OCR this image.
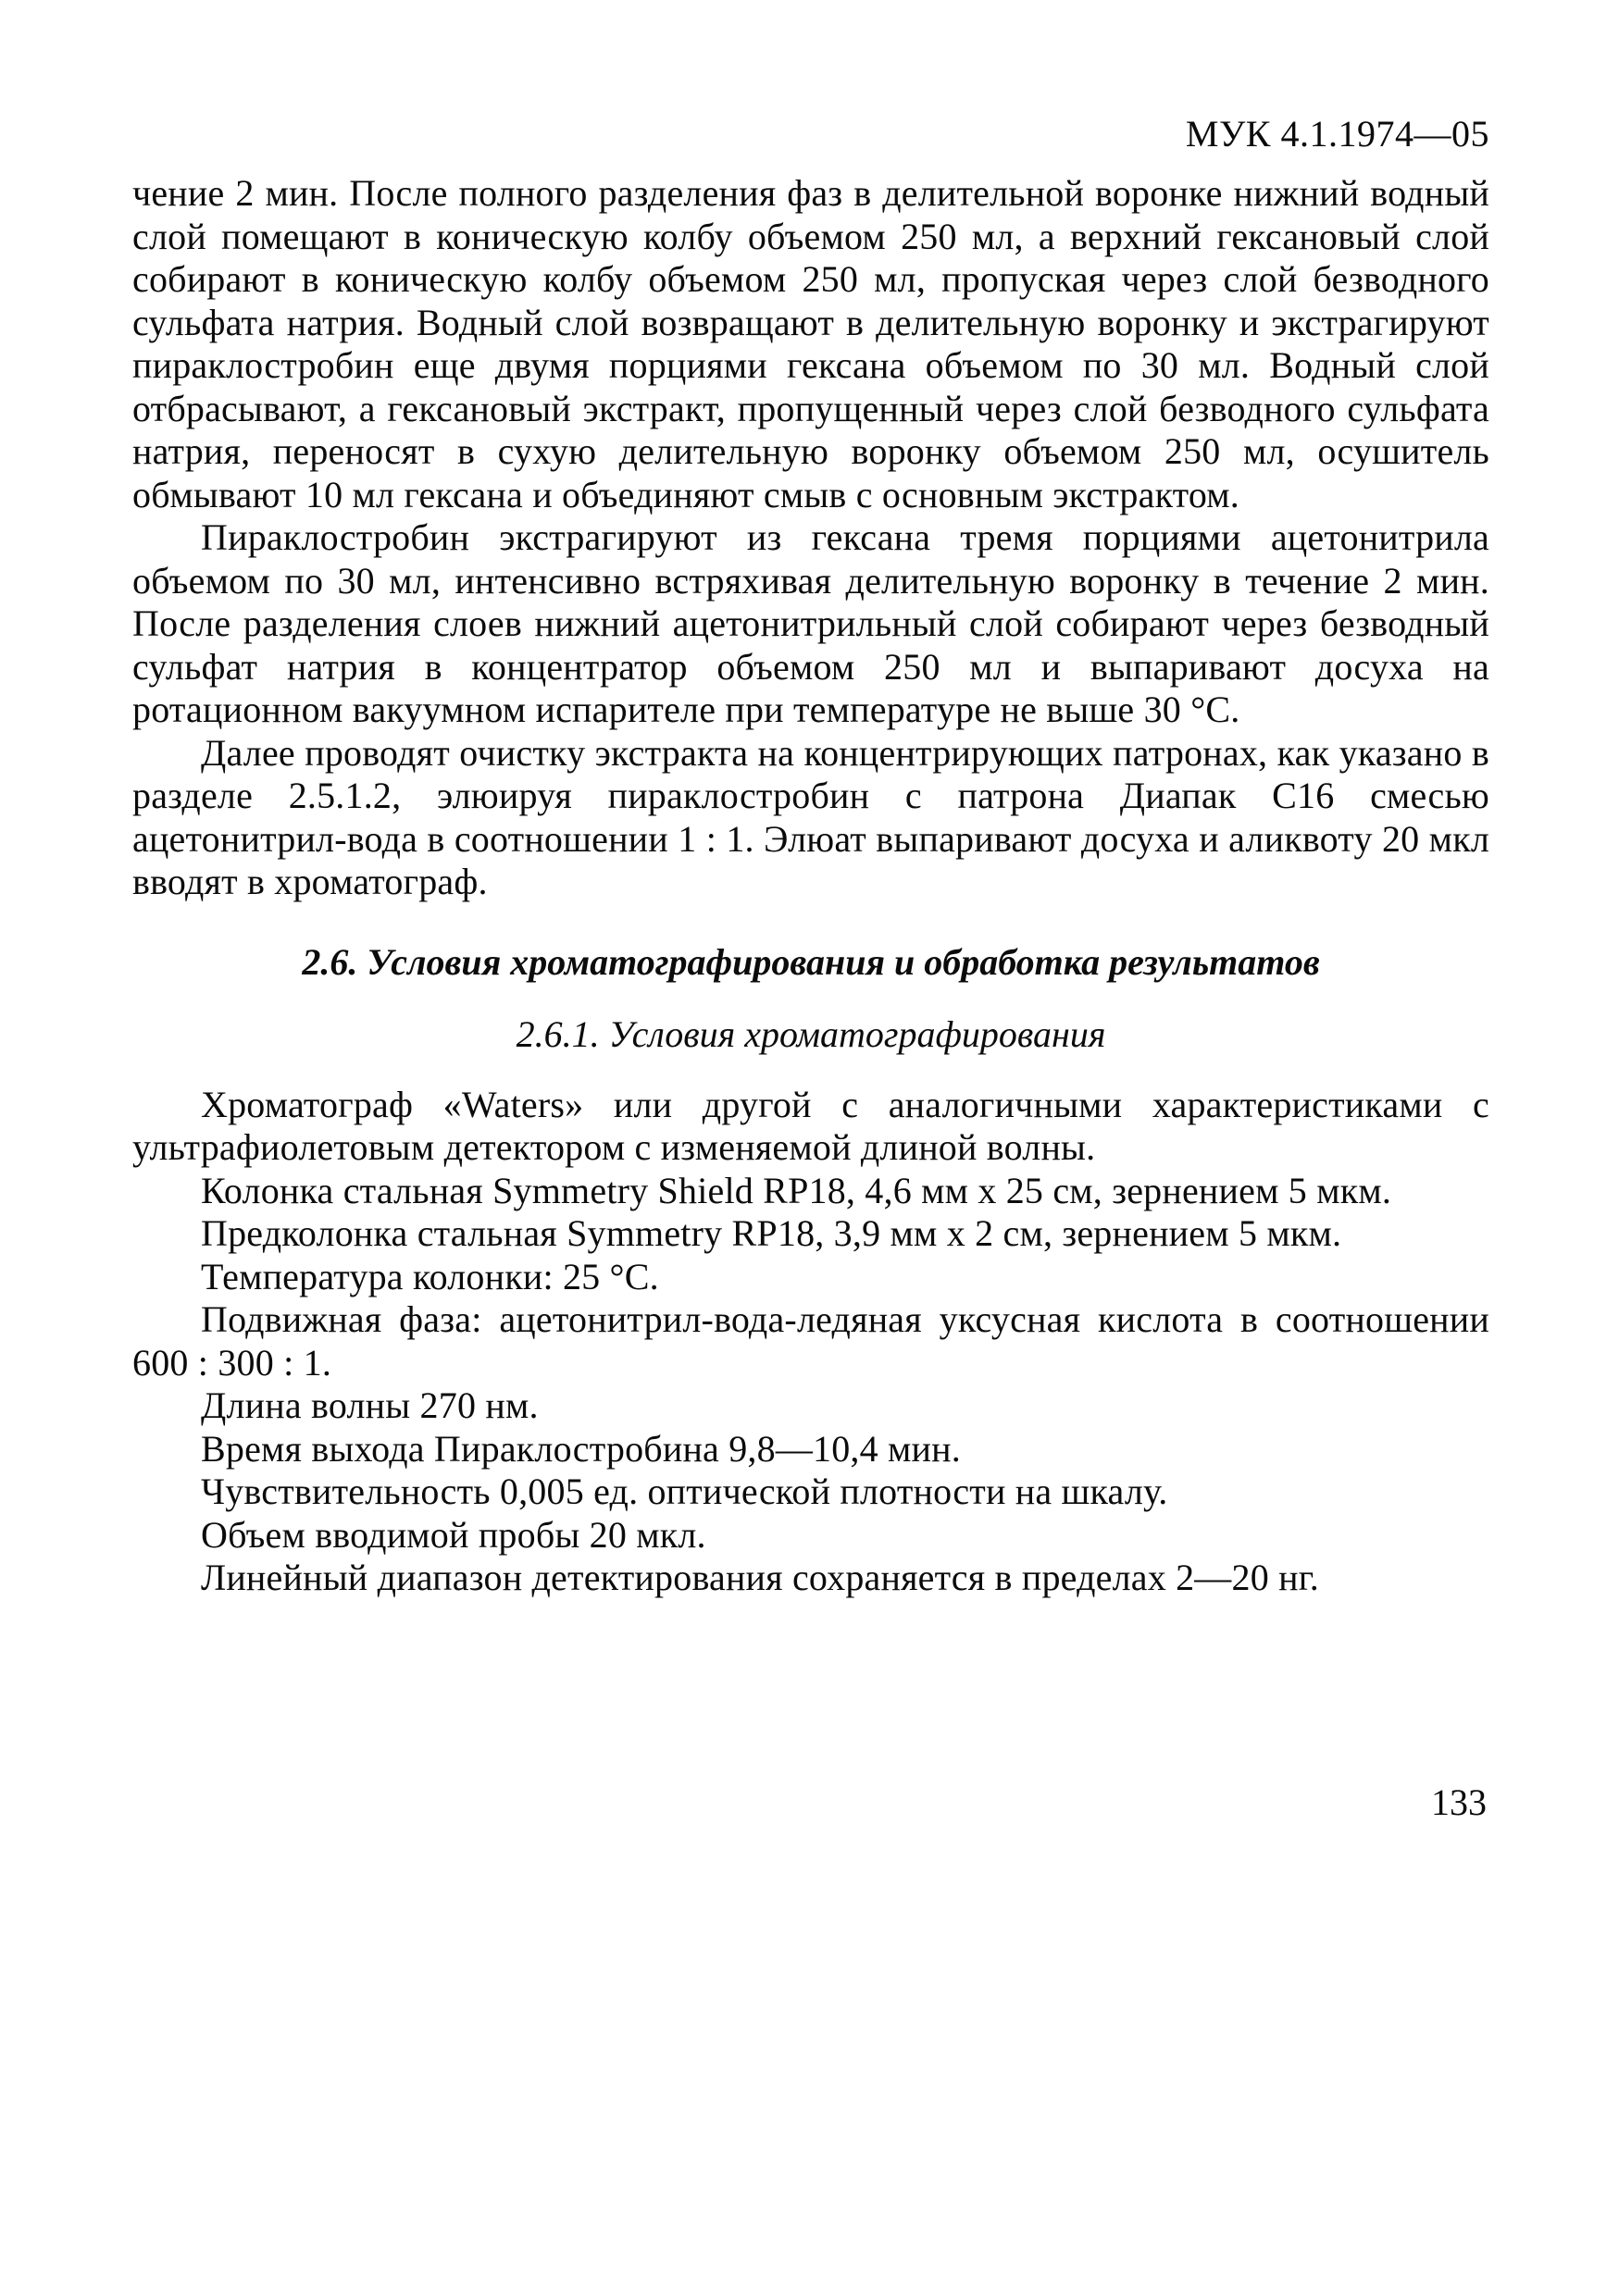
МУК 4.1.1974—05

чение 2 мин. После полного разделения фаз в делительной воронке нижний водный слой помещают в коническую колбу объемом 250 мл, а верхний гексановый слой собирают в коническую колбу объемом 250 мл, пропуская через слой безводного сульфата натрия. Водный слой возвращают в делительную воронку и экстрагируют пираклостробин еще двумя порциями гексана объемом по 30 мл. Водный слой отбрасывают, а гексановый экстракт, пропущенный через слой безводного сульфата натрия, переносят в сухую делительную воронку объемом 250 мл, осушитель обмывают 10 мл гексана и объединяют смыв с основным экстрактом.

Пираклостробин экстрагируют из гексана тремя порциями ацетонитрила объемом по 30 мл, интенсивно встряхивая делительную воронку в течение 2 мин. После разделения слоев нижний ацетонитрильный слой собирают через безводный сульфат натрия в концентратор объемом 250 мл и выпаривают досуха на ротационном вакуумном испарителе при температуре не выше 30 °С.

Далее проводят очистку экстракта на концентрирующих патронах, как указано в разделе 2.5.1.2, элюируя пираклостробин с патрона Диапак С16 смесью ацетонитрил-вода в соотношении 1 : 1. Элюат выпаривают досуха и аликвоту 20 мкл вводят в хроматограф.

2.6. Условия хроматографирования и обработка результатов
2.6.1. Условия хроматографирования

Хроматограф «Waters» или другой с аналогичными характеристиками с ультрафиолетовым детектором с изменяемой длиной волны.

Колонка стальная Symmetry Shield RP18, 4,6 мм х 25 см, зернением 5 мкм.

Предколонка стальная Symmetry RP18, 3,9 мм х 2 см, зернением 5 мкм.

Температура колонки: 25 °С.

Подвижная фаза: ацетонитрил-вода-ледяная уксусная кислота в соотношении 600 : 300 : 1.

Длина волны 270 нм.

Время выхода Пираклостробина 9,8—10,4 мин.

Чувствительность 0,005 ед. оптической плотности на шкалу.

Объем вводимой пробы 20 мкл.

Линейный диапазон детектирования сохраняется в пределах 2—20 нг.

133
